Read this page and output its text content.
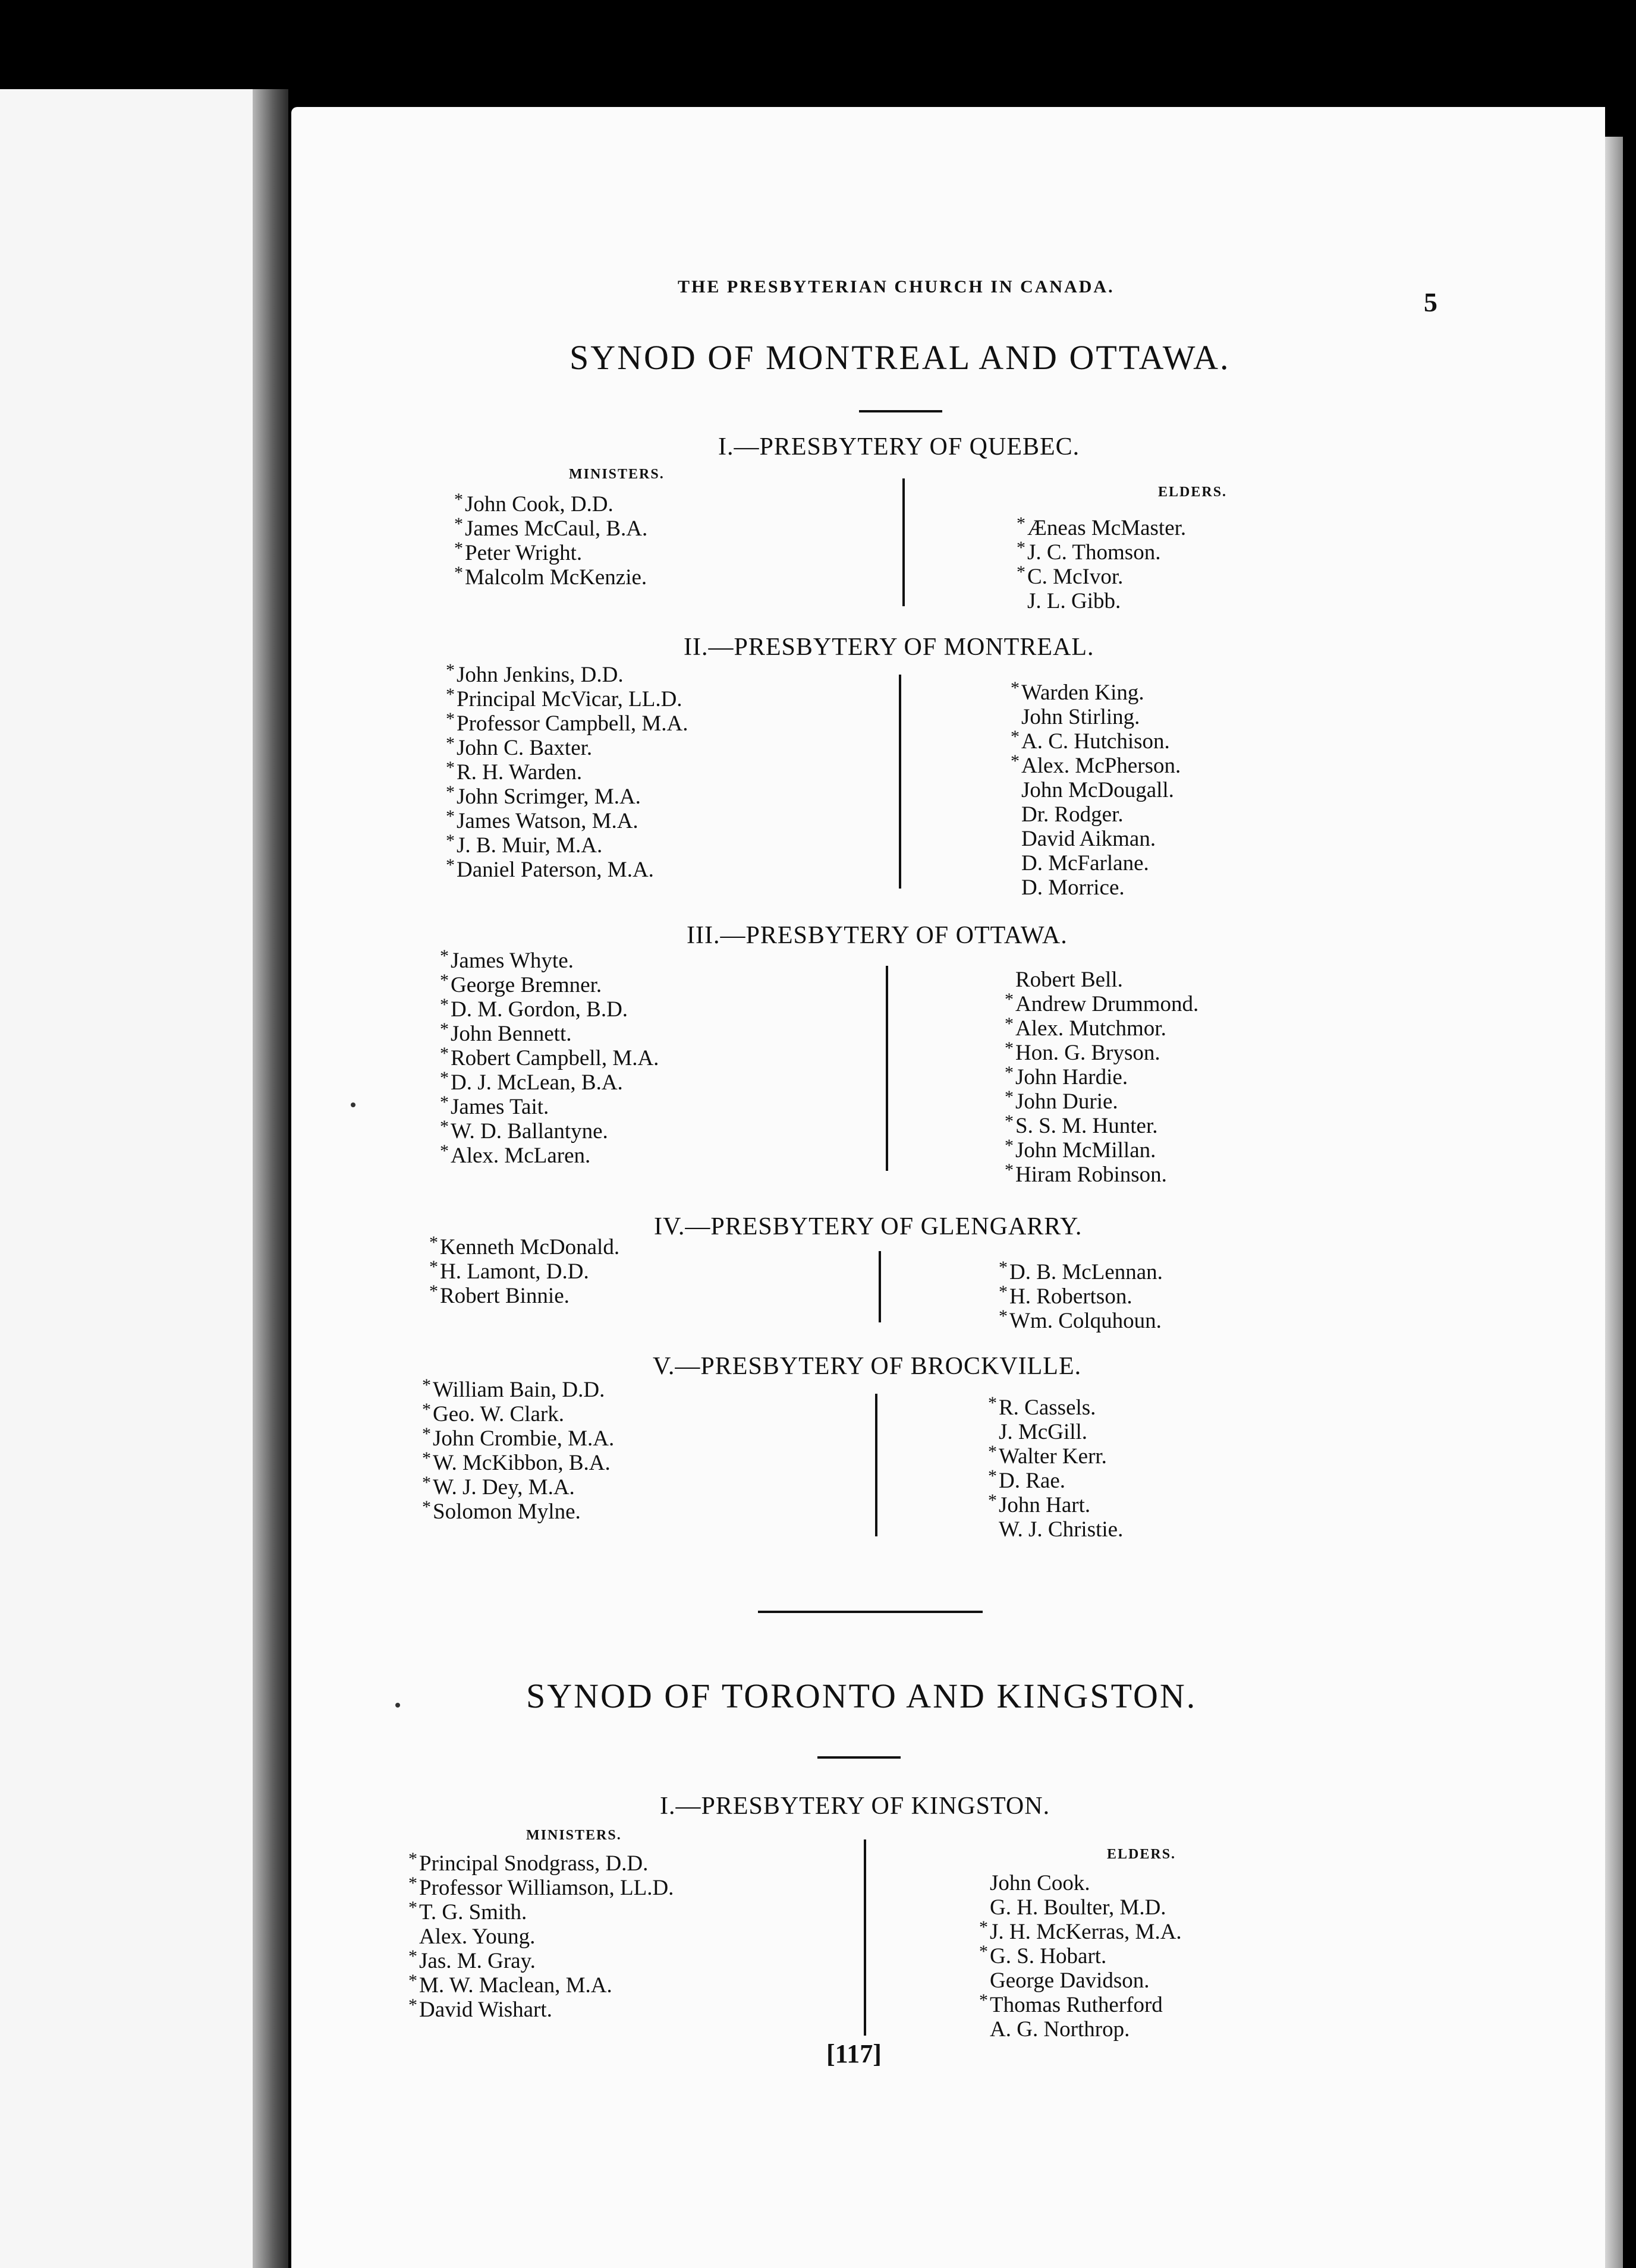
THE PRESBYTERIAN CHURCH IN CANADA.
5
SYNOD OF MONTREAL AND OTTAWA.
I.—PRESBYTERY OF QUEBEC.
MINISTERS.
ELDERS.
* John Cook, D.D.
* James McCaul, B.A.
* Peter Wright.
* Malcolm McKenzie.
* Æneas McMaster.
* J. C. Thomson.
* C. McIvor.
J. L. Gibb.
II.—PRESBYTERY OF MONTREAL.
* John Jenkins, D.D.
* Principal McVicar, LL.D.
* Professor Campbell, M.A.
* John C. Baxter.
* R. H. Warden.
* John Scrimger, M.A.
* James Watson, M.A.
* J. B. Muir, M.A.
* Daniel Paterson, M.A.
* Warden King.
John Stirling.
* A. C. Hutchison.
* Alex. McPherson.
John McDougall.
Dr. Rodger.
David Aikman.
D. McFarlane.
D. Morrice.
III.—PRESBYTERY OF OTTAWA.
* James Whyte.
* George Bremner.
* D. M. Gordon, B.D.
* John Bennett.
* Robert Campbell, M.A.
* D. J. McLean, B.A.
* James Tait.
* W. D. Ballantyne.
* Alex. McLaren.
Robert Bell.
* Andrew Drummond.
* Alex. Mutchmor.
* Hon. G. Bryson.
* John Hardie.
* John Durie.
* S. S. M. Hunter.
* John McMillan.
* Hiram Robinson.
IV.—PRESBYTERY OF GLENGARRY.
* Kenneth McDonald.
* H. Lamont, D.D.
* Robert Binnie.
* D. B. McLennan.
* H. Robertson.
* Wm. Colquhoun.
V.—PRESBYTERY OF BROCKVILLE.
* William Bain, D.D.
* Geo. W. Clark.
* John Crombie, M.A.
* W. McKibbon, B.A.
* W. J. Dey, M.A.
* Solomon Mylne.
* R. Cassels.
J. McGill.
* Walter Kerr.
* D. Rae.
* John Hart.
W. J. Christie.
SYNOD OF TORONTO AND KINGSTON.
I.—PRESBYTERY OF KINGSTON.
MINISTERS.
ELDERS.
* Principal Snodgrass, D.D.
* Professor Williamson, LL.D.
* T. G. Smith.
Alex. Young.
* Jas. M. Gray.
* M. W. Maclean, M.A.
* David Wishart.
John Cook.
G. H. Boulter, M.D.
* J. H. McKerras, M.A.
* G. S. Hobart.
George Davidson.
* Thomas Rutherford
A. G. Northrop.
[117]
